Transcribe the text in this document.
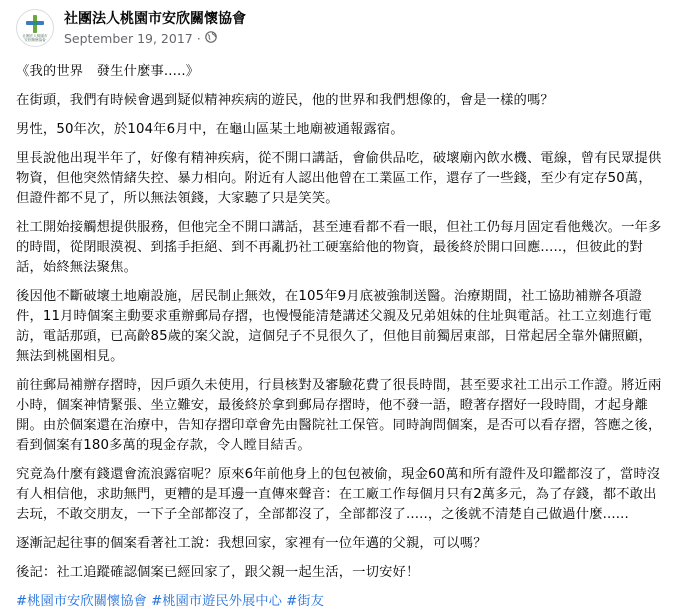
社團法人桃園市
安欣關懷協會
社團法人桃園市安欣關懷協會
September 19, 2017 ·

《我的世界　發生什麼事.....》

在街頭，我們有時候會遇到疑似精神疾病的遊民，他的世界和我們想像的，會是一樣的嗎？

男性，50年次，於104年6月中，在龜山區某土地廟被通報露宿。

里長說他出現半年了，好像有精神疾病，從不開口講話，會偷供品吃，破壞廟內飲水機、電線，曾有民眾提供物資，但他突然情緒失控、暴力相向。附近有人認出他曾在工業區工作，還存了一些錢，至少有定存50萬，但證件都不見了，所以無法領錢，大家聽了只是笑笑。

社工開始接觸想提供服務，但他完全不開口講話，甚至連看都不看一眼，但社工仍每月固定看他幾次。一年多的時間，從閉眼漠視、到搖手拒絕、到不再亂扔社工硬塞給他的物資，最後終於開口回應.....，但彼此的對話，始終無法聚焦。

後因他不斷破壞土地廟設施，居民制止無效，在105年9月底被強制送醫。治療期間，社工協助補辦各項證件，11月時個案主動要求重辦郵局存摺，也慢慢能清楚講述父親及兄弟姐妹的住址與電話。社工立刻進行電訪，電話那頭，已高齡85歲的案父說，這個兒子不見很久了，但他目前獨居東部，日常起居全靠外傭照顧，無法到桃園相見。

前往郵局補辦存摺時，因戶頭久未使用，行員核對及審驗花費了很長時間，甚至要求社工出示工作證。將近兩小時，個案神情緊張、坐立難安，最後終於拿到郵局存摺時，他不發一語，瞪著存摺好一段時間，才起身離開。由於個案還在治療中，告知存摺印章會先由醫院社工保管。同時詢問個案，是否可以看存摺，答應之後，看到個案有180多萬的現金存款，令人瞠目結舌。

究竟為什麼有錢還會流浪露宿呢？原來6年前他身上的包包被偷，現金60萬和所有證件及印鑑都沒了，當時沒有人相信他，求助無門，更糟的是耳邊一直傳來聲音：在工廠工作每個月只有2萬多元，為了存錢，都不敢出去玩，不敢交朋友，一下子全部都沒了，全部都沒了，全部都沒了.....，之後就不清楚自己做過什麼......

逐漸記起往事的個案看著社工說：我想回家，家裡有一位年邁的父親，可以嗎？

後記：社工追蹤確認個案已經回家了，跟父親一起生活，一切安好！

#桃園市安欣關懷協會 #桃園市遊民外展中心 #街友
